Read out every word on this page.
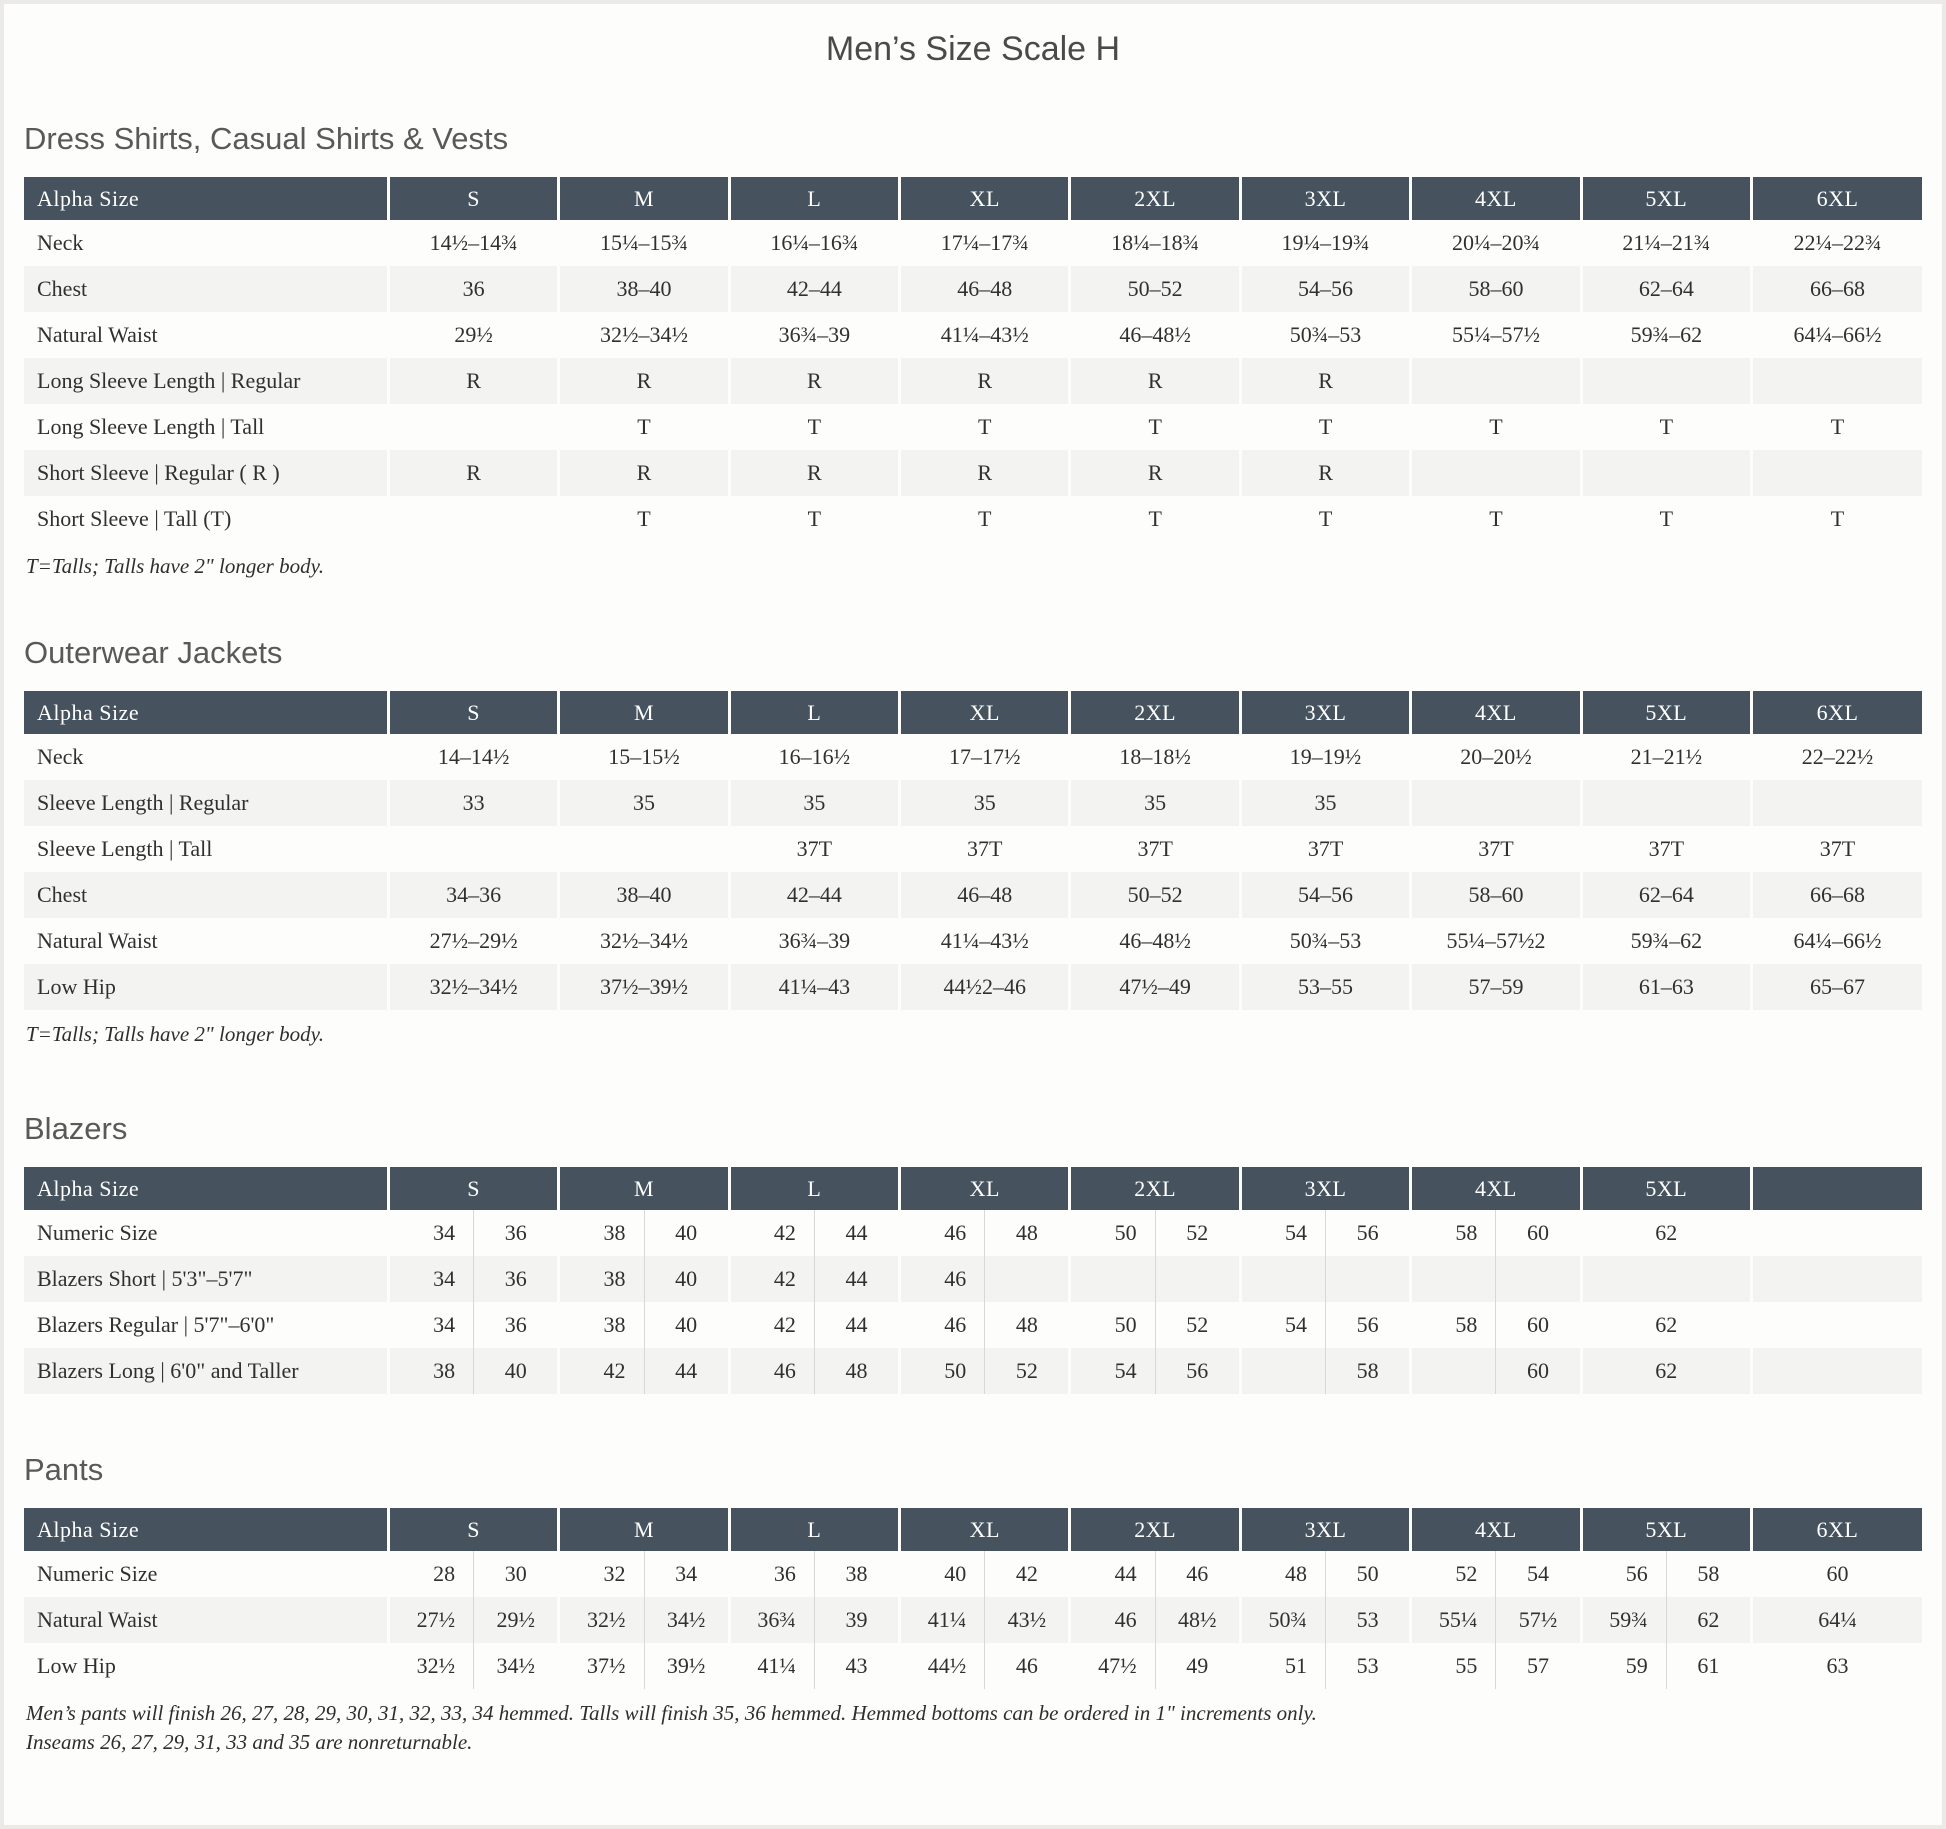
Men’s Size Scale H
Dress Shirts, Casual Shirts & Vests
Alpha Size	S	M	L	XL	2XL	3XL	4XL	5XL	6XL
Neck	14½–14¾	15¼–15¾	16¼–16¾	17¼–17¾	18¼–18¾	19¼–19¾	20¼–20¾	21¼–21¾	22¼–22¾
Chest	36	38–40	42–44	46–48	50–52	54–56	58–60	62–64	66–68
Natural Waist	29½	32½–34½	36¾–39	41¼–43½	46–48½	50¾–53	55¼–57½	59¾–62	64¼–66½
Long Sleeve Length | Regular	R	R	R	R	R	R			
Long Sleeve Length | Tall		T	T	T	T	T	T	T	T
Short Sleeve | Regular ( R )	R	R	R	R	R	R			
Short Sleeve | Tall (T)		T	T	T	T	T	T	T	T

T=Talls; Talls have 2" longer body.

Outerwear Jackets
Alpha Size	S	M	L	XL	2XL	3XL	4XL	5XL	6XL
Neck	14–14½	15–15½	16–16½	17–17½	18–18½	19–19½	20–20½	21–21½	22–22½
Sleeve Length | Regular	33	35	35	35	35	35			
Sleeve Length | Tall			37T	37T	37T	37T	37T	37T	37T
Chest	34–36	38–40	42–44	46–48	50–52	54–56	58–60	62–64	66–68
Natural Waist	27½–29½	32½–34½	36¾–39	41¼–43½	46–48½	50¾–53	55¼–57½2	59¾–62	64¼–66½
Low Hip	32½–34½	37½–39½	41¼–43	44½2–46	47½–49	53–55	57–59	61–63	65–67

T=Talls; Talls have 2" longer body.

Blazers
Alpha Size	S		M		L		XL		2XL		3XL		4XL		5XL	
Numeric Size	34	36	38	40	42	44	46	48	50	52	54	56	58	60	62	
Blazers Short | 5'3"–5'7"	34	36	38	40	42	44	46									
Blazers Regular | 5'7"–6'0"	34	36	38	40	42	44	46	48	50	52	54	56	58	60	62	
Blazers Long | 6'0" and Taller	38	40	42	44	46	48	50	52	54	56		58		60	62	
Pants
Alpha Size	S		M		L		XL		2XL		3XL		4XL		5XL		6XL
Numeric Size	28	30	32	34	36	38	40	42	44	46	48	50	52	54	56	58	60
Natural Waist	27½	29½	32½	34½	36¾	39	41¼	43½	46	48½	50¾	53	55¼	57½	59¾	62	64¼
Low Hip	32½	34½	37½	39½	41¼	43	44½	46	47½	49	51	53	55	57	59	61	63

Men’s pants will finish 26, 27, 28, 29, 30, 31, 32, 33, 34 hemmed. Talls will finish 35, 36 hemmed. Hemmed bottoms can be ordered in 1" increments only.

Inseams 26, 27, 29, 31, 33 and 35 are nonreturnable.
